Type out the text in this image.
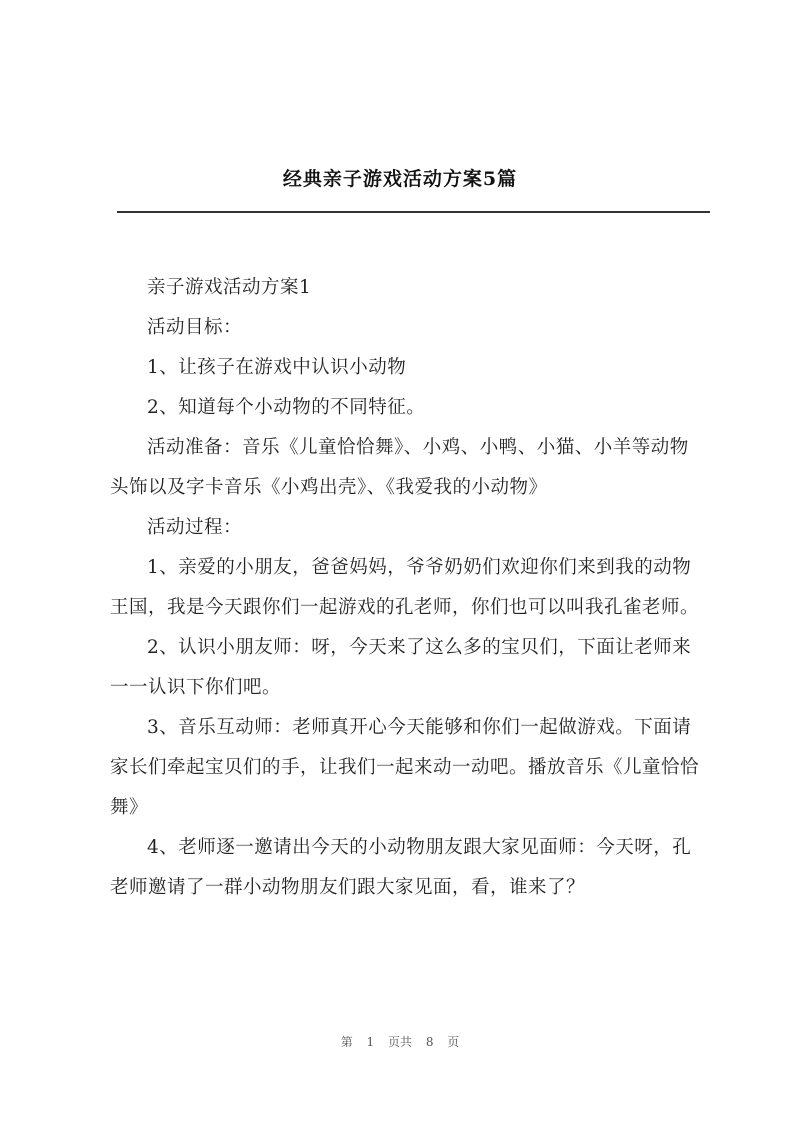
经典亲子游戏活动方案5篇

亲子游戏活动方案1

活动目标：

1、让孩子在游戏中认识小动物

2、知道每个小动物的不同特征。

活动准备：音乐《儿童恰恰舞》、小鸡、小鸭、小猫、小羊等动物头饰以及字卡音乐《小鸡出壳》、《我爱我的小动物》

活动过程：

1、亲爱的小朋友，爸爸妈妈，爷爷奶奶们欢迎你们来到我的动物王国，我是今天跟你们一起游戏的孔老师，你们也可以叫我孔雀老师。

2、认识小朋友师：呀，今天来了这么多的宝贝们，下面让老师来一一认识下你们吧。

3、音乐互动师：老师真开心今天能够和你们一起做游戏。下面请家长们牵起宝贝们的手，让我们一起来动一动吧。播放音乐《儿童恰恰舞》

4、老师逐一邀请出今天的小动物朋友跟大家见面师：今天呀，孔老师邀请了一群小动物朋友们跟大家见面，看，谁来了？

第 1 页共 8 页
